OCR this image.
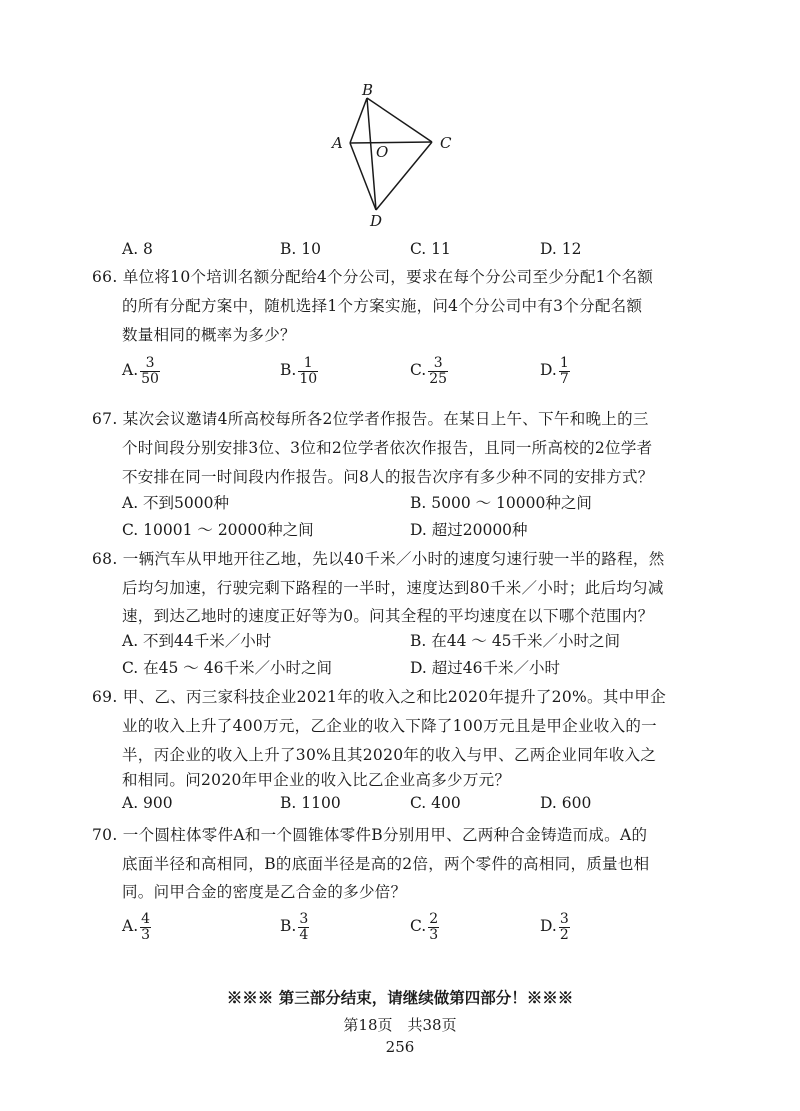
B
A O	C
D
A. 8	B. 10	C. 11	D. 12
66. 单位将10个培训名额分配给4个分公司，要求在每个分公司至少分配1个名额
的所有分配方案中，随机选择1个方案实施，问4个分公司中有3个分配名额
数量相同的概率为多少？
A. $\frac{3}{50}$	B. $\frac{1}{10}$	C. $\frac{3}{25}$	D. $\frac{1}{7}$
67. 某次会议邀请4所高校每所各2位学者作报告。在某日上午、下午和晚上的三
个时间段分别安排3位、3位和2位学者依次作报告，且同一所高校的2位学者
不安排在同一时间段内作报告。问8人的报告次序有多少种不同的安排方式？
A. 不到5000种	B. 5000 ～ 10000种之间
C. 10001 ～ 20000种之间	D. 超过20000种
68. 一辆汽车从甲地开往乙地，先以40千米／小时的速度匀速行驶一半的路程，然
后均匀加速，行驶完剩下路程的一半时，速度达到80千米／小时；此后均匀减
速，到达乙地时的速度正好等为0。问其全程的平均速度在以下哪个范围内？
A. 不到44千米／小时	B. 在44 ～ 45千米／小时之间
C. 在45 ～ 46千米／小时之间	D. 超过46千米／小时
69. 甲、乙、丙三家科技企业2021年的收入之和比2020年提升了20%。其中甲企
业的收入上升了400万元，乙企业的收入下降了100万元且是甲企业收入的一
半，丙企业的收入上升了30%且其2020年的收入与甲、乙两企业同年收入之
和相同。问2020年甲企业的收入比乙企业高多少万元？
A. 900	B. 1100	C. 400	D. 600
70. 一个圆柱体零件A和一个圆锥体零件B分别用甲、乙两种合金铸造而成。A的
底面半径和高相同，B的底面半径是高的2倍，两个零件的高相同，质量也相
同。问甲合金的密度是乙合金的多少倍？
A. $\frac{4}{3}$	B. $\frac{3}{4}$	C. $\frac{2}{3}$	D. $\frac{3}{2}$
※※※ 第三部分结束，请继续做第四部分！※※※
第18页　共38页
256
